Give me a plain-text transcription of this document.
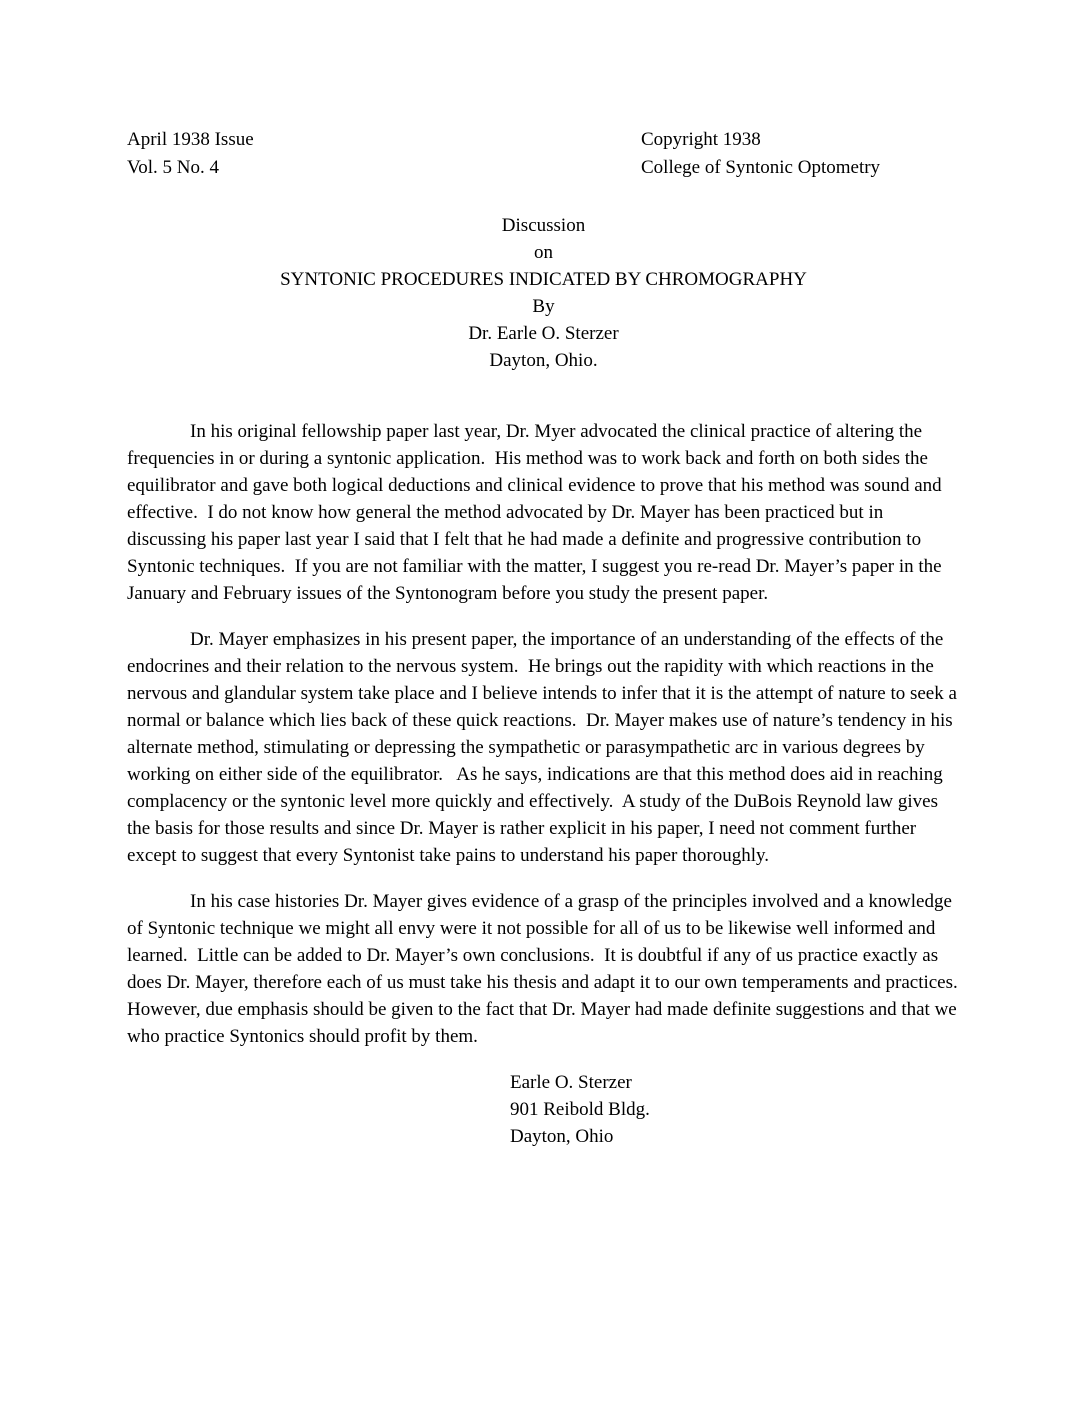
April 1938 Issue
Vol. 5 No. 4
Copyright 1938
College of Syntonic Optometry
Discussion
on
SYNTONIC PROCEDURES INDICATED BY CHROMOGRAPHY
By
Dr. Earle O. Sterzer
Dayton, Ohio.

In his original fellowship paper last year, Dr. Myer advocated the clinical practice of altering the frequencies in or during a syntonic application.  His method was to work back and forth on both sides the equilibrator and gave both logical deductions and clinical evidence to prove that his method was sound and effective.  I do not know how general the method advocated by Dr. Mayer has been practiced but in discussing his paper last year I said that I felt that he had made a definite and progressive contribution to Syntonic techniques.  If you are not familiar with the matter, I suggest you re-read Dr. Mayer’s paper in the January and February issues of the Syntonogram before you study the present paper.

Dr. Mayer emphasizes in his present paper, the importance of an understanding of the effects of the endocrines and their relation to the nervous system.  He brings out the rapidity with which reactions in the nervous and glandular system take place and I believe intends to infer that it is the attempt of nature to seek a normal or balance which lies back of these quick reactions.  Dr. Mayer makes use of nature’s tendency in his alternate method, stimulating or depressing the sympathetic or parasympathetic arc in various degrees by working on either side of the equilibrator.   As he says, indications are that this method does aid in reaching complacency or the syntonic level more quickly and effectively.  A study of the DuBois Reynold law gives the basis for those results and since Dr. Mayer is rather explicit in his paper, I need not comment further except to suggest that every Syntonist take pains to understand his paper thoroughly.

In his case histories Dr. Mayer gives evidence of a grasp of the principles involved and a knowledge of Syntonic technique we might all envy were it not possible for all of us to be likewise well informed and learned.  Little can be added to Dr. Mayer’s own conclusions.  It is doubtful if any of us practice exactly as does Dr. Mayer, therefore each of us must take his thesis and adapt it to our own temperaments and practices.  However, due emphasis should be given to the fact that Dr. Mayer had made definite suggestions and that we who practice Syntonics should profit by them.

Earle O. Sterzer
901 Reibold Bldg.
Dayton, Ohio
